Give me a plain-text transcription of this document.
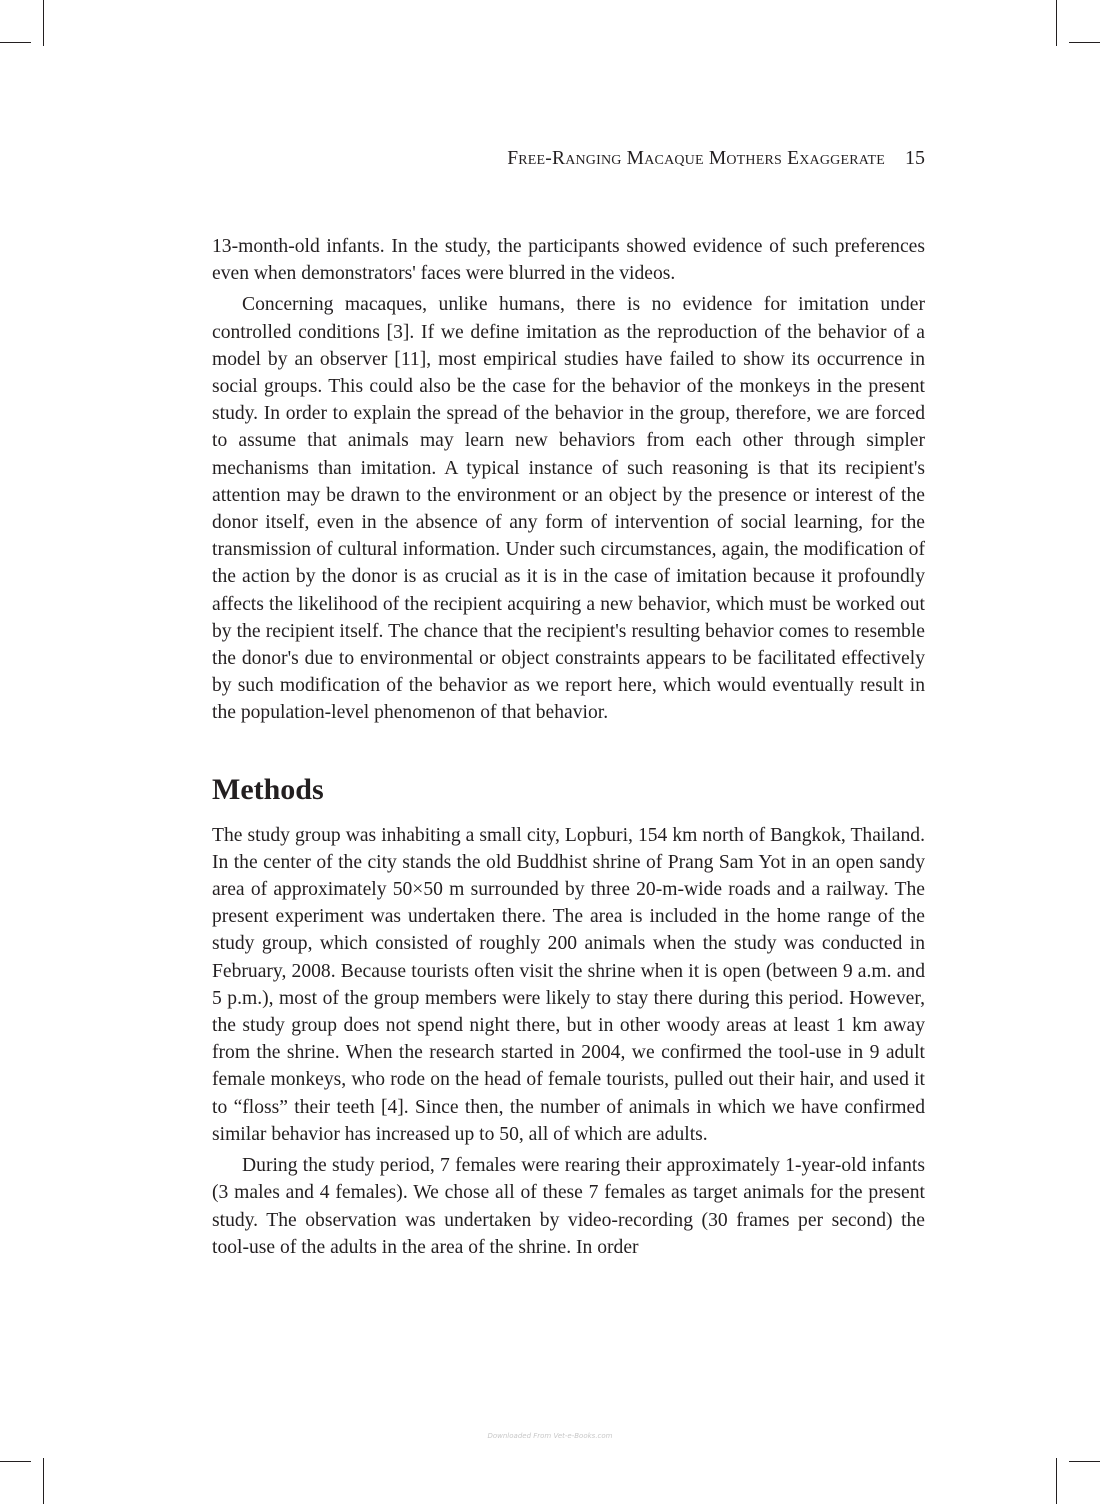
Free-Ranging Macaque Mothers Exaggerate 15

13-month-old infants. In the study, the participants showed evidence of such preferences even when demonstrators' faces were blurred in the videos.

Concerning macaques, unlike humans, there is no evidence for imitation under controlled conditions [3]. If we define imitation as the reproduction of the behavior of a model by an observer [11], most empirical studies have failed to show its occurrence in social groups. This could also be the case for the behavior of the monkeys in the present study. In order to explain the spread of the behavior in the group, therefore, we are forced to assume that animals may learn new behaviors from each other through simpler mechanisms than imitation. A typical instance of such reasoning is that its recipient's attention may be drawn to the environment or an object by the presence or interest of the donor itself, even in the absence of any form of intervention of social learning, for the transmission of cultural information. Under such circumstances, again, the modification of the action by the donor is as crucial as it is in the case of imitation because it profoundly affects the likelihood of the recipient acquiring a new behavior, which must be worked out by the recipient itself. The chance that the recipient's resulting behavior comes to resemble the donor's due to environmental or object constraints appears to be facilitated effectively by such modification of the behavior as we report here, which would eventually result in the population-level phenomenon of that behavior.

Methods

The study group was inhabiting a small city, Lopburi, 154 km north of Bangkok, Thailand. In the center of the city stands the old Buddhist shrine of Prang Sam Yot in an open sandy area of approximately 50×50 m surrounded by three 20-m-wide roads and a railway. The present experiment was undertaken there. The area is included in the home range of the study group, which consisted of roughly 200 animals when the study was conducted in February, 2008. Because tourists often visit the shrine when it is open (between 9 a.m. and 5 p.m.), most of the group members were likely to stay there during this period. However, the study group does not spend night there, but in other woody areas at least 1 km away from the shrine. When the research started in 2004, we confirmed the tool-use in 9 adult female monkeys, who rode on the head of female tourists, pulled out their hair, and used it to “floss” their teeth [4]. Since then, the number of animals in which we have confirmed similar behavior has increased up to 50, all of which are adults.

During the study period, 7 females were rearing their approximately 1-year-old infants (3 males and 4 females). We chose all of these 7 females as target animals for the present study. The observation was undertaken by video-recording (30 frames per second) the tool-use of the adults in the area of the shrine. In order

Downloaded From Vet-e-Books.com
